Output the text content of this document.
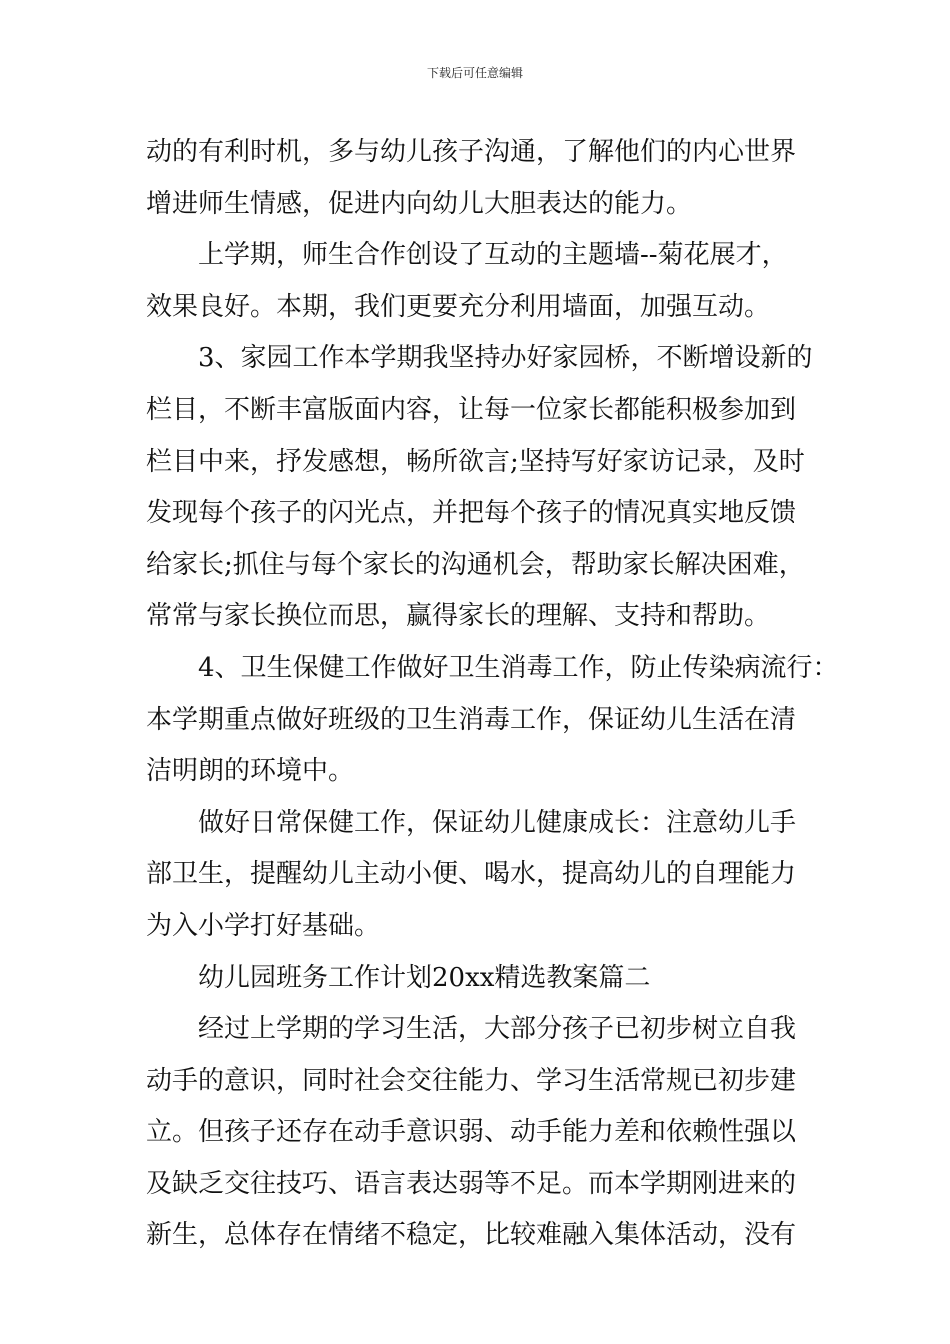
下载后可任意编辑
动的有利时机，多与幼儿孩子沟通，了解他们的内心世界
增进师生情感，促进内向幼儿大胆表达的能力。
上学期，师生合作创设了互动的主题墙--菊花展才，
效果良好。本期，我们更要充分利用墙面，加强互动。
3、家园工作本学期我坚持办好家园桥，不断增设新的
栏目，不断丰富版面内容，让每一位家长都能积极参加到
栏目中来，抒发感想，畅所欲言;坚持写好家访记录，及时
发现每个孩子的闪光点，并把每个孩子的情况真实地反馈
给家长;抓住与每个家长的沟通机会，帮助家长解决困难，
常常与家长换位而思，赢得家长的理解、支持和帮助。
4、卫生保健工作做好卫生消毒工作，防止传染病流行：
本学期重点做好班级的卫生消毒工作，保证幼儿生活在清
洁明朗的环境中。
做好日常保健工作，保证幼儿健康成长：注意幼儿手
部卫生，提醒幼儿主动小便、喝水，提高幼儿的自理能力
为入小学打好基础。
幼儿园班务工作计划20xx精选教案篇二
经过上学期的学习生活，大部分孩子已初步树立自我
动手的意识，同时社会交往能力、学习生活常规已初步建
立。但孩子还存在动手意识弱、动手能力差和依赖性强以
及缺乏交往技巧、语言表达弱等不足。而本学期刚进来的
新生，总体存在情绪不稳定，比较难融入集体活动，没有
